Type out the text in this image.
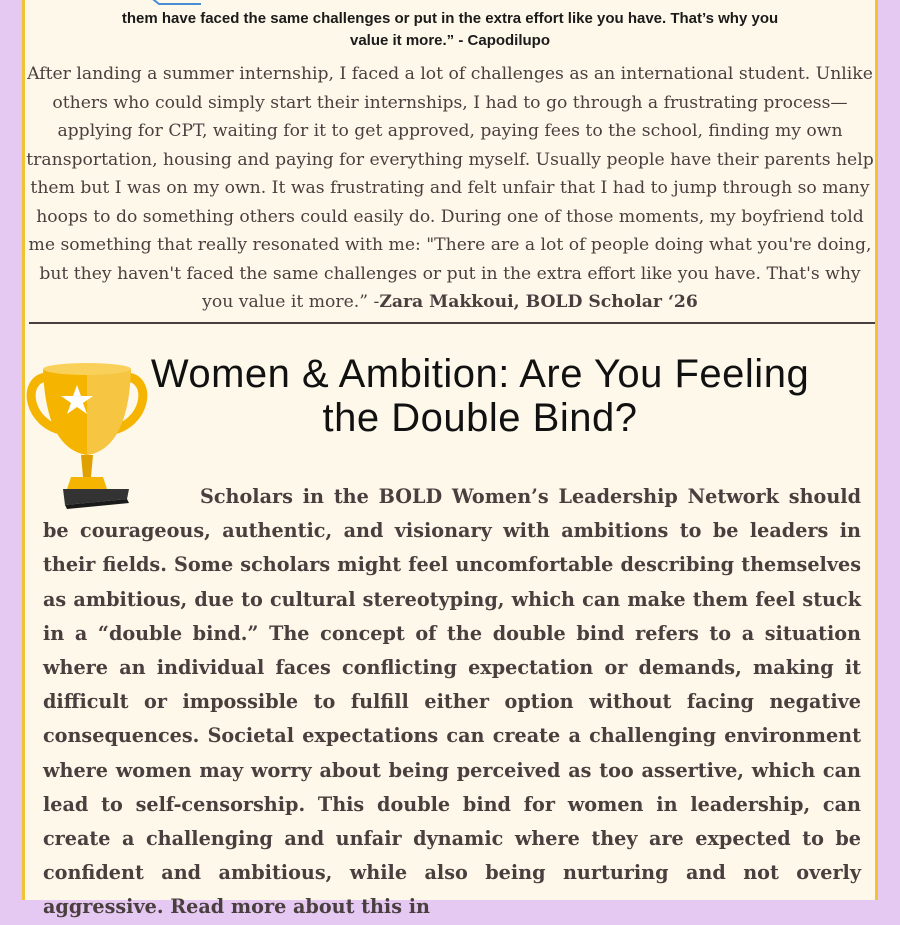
them have faced the same challenges or put in the extra effort like you have. That’s why you
value it more.” - Capodilupo
After landing a summer internship, I faced a lot of challenges as an international student. Unlike others who could simply start their internships, I had to go through a frustrating process—applying for CPT, waiting for it to get approved, paying fees to the school, finding my own transportation, housing and paying for everything myself. Usually people have their parents help them but I was on my own. It was frustrating and felt unfair that I had to jump through so many hoops to do something others could easily do. During one of those moments, my boyfriend told me something that really resonated with me: "There are a lot of people doing what you're doing, but they haven't faced the same challenges or put in the extra effort like you have. That's why you value it more.” -Zara Makkoui, BOLD Scholar ‘26
Women & Ambition: Are You Feeling
the Double Bind?
Scholars in the BOLD Women’s Leadership Network should be courageous, authentic, and visionary with ambitions to be leaders in their fields. Some scholars might feel uncomfortable describing themselves as ambitious, due to cultural stereotyping, which can make them feel stuck in a “double bind.” The concept of the double bind refers to a situation where an individual faces conflicting expectation or demands, making it difficult or impossible to fulfill either option without facing negative consequences. Societal expectations can create a challenging environment where women may worry about being perceived as too assertive, which can lead to self-censorship. This double bind for women in leadership, can create a challenging and unfair dynamic where they are expected to be confident and ambitious, while also being nurturing and not overly aggressive. Read more about this in
